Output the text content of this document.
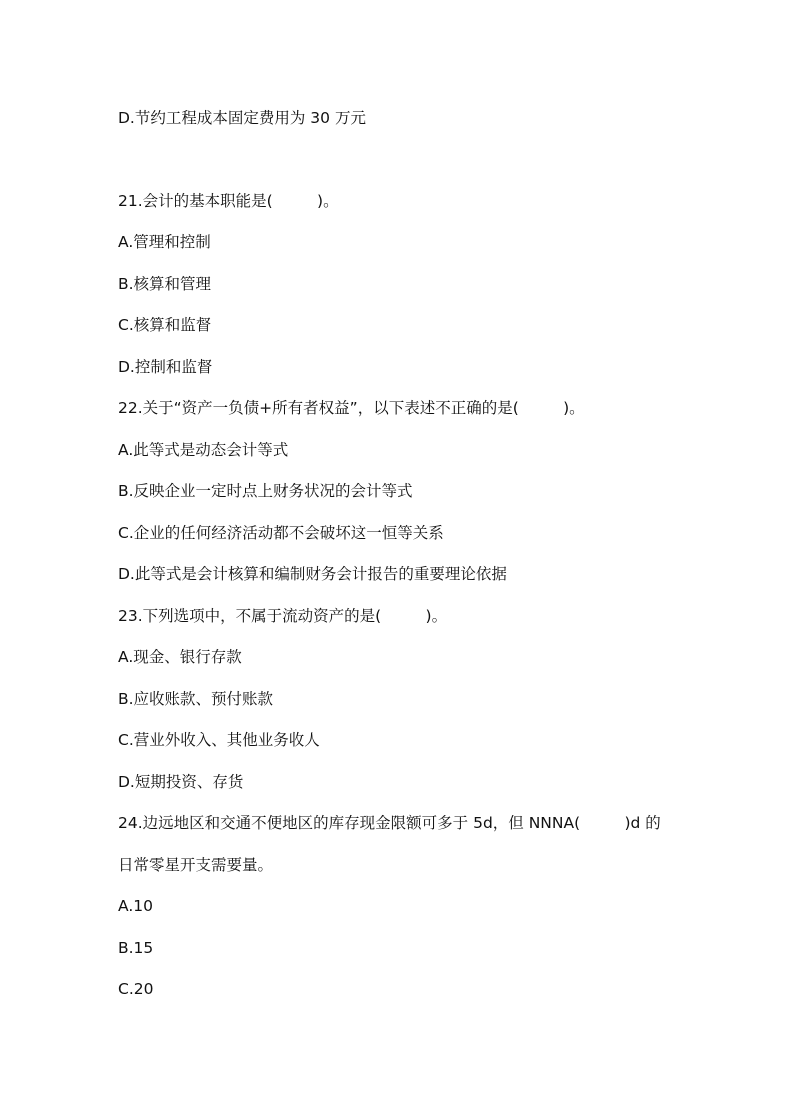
D.节约工程成本固定费用为 30 万元
21.会计的基本职能是(         )。
A.管理和控制
B.核算和管理
C.核算和监督
D.控制和监督
22.关于“资产一负债+所有者权益”，以下表述不正确的是(         )。
A.此等式是动态会计等式
B.反映企业一定时点上财务状况的会计等式
C.企业的任何经济活动都不会破坏这一恒等关系
D.此等式是会计核算和编制财务会计报告的重要理论依据
23.下列选项中，不属于流动资产的是(         )。
A.现金、银行存款
B.应收账款、预付账款
C.营业外收入、其他业务收人
D.短期投资、存货
24.边远地区和交通不便地区的库存现金限额可多于 5d，但 NNNA(         )d 的
日常零星开支需要量。
A.10
B.15
C.20
